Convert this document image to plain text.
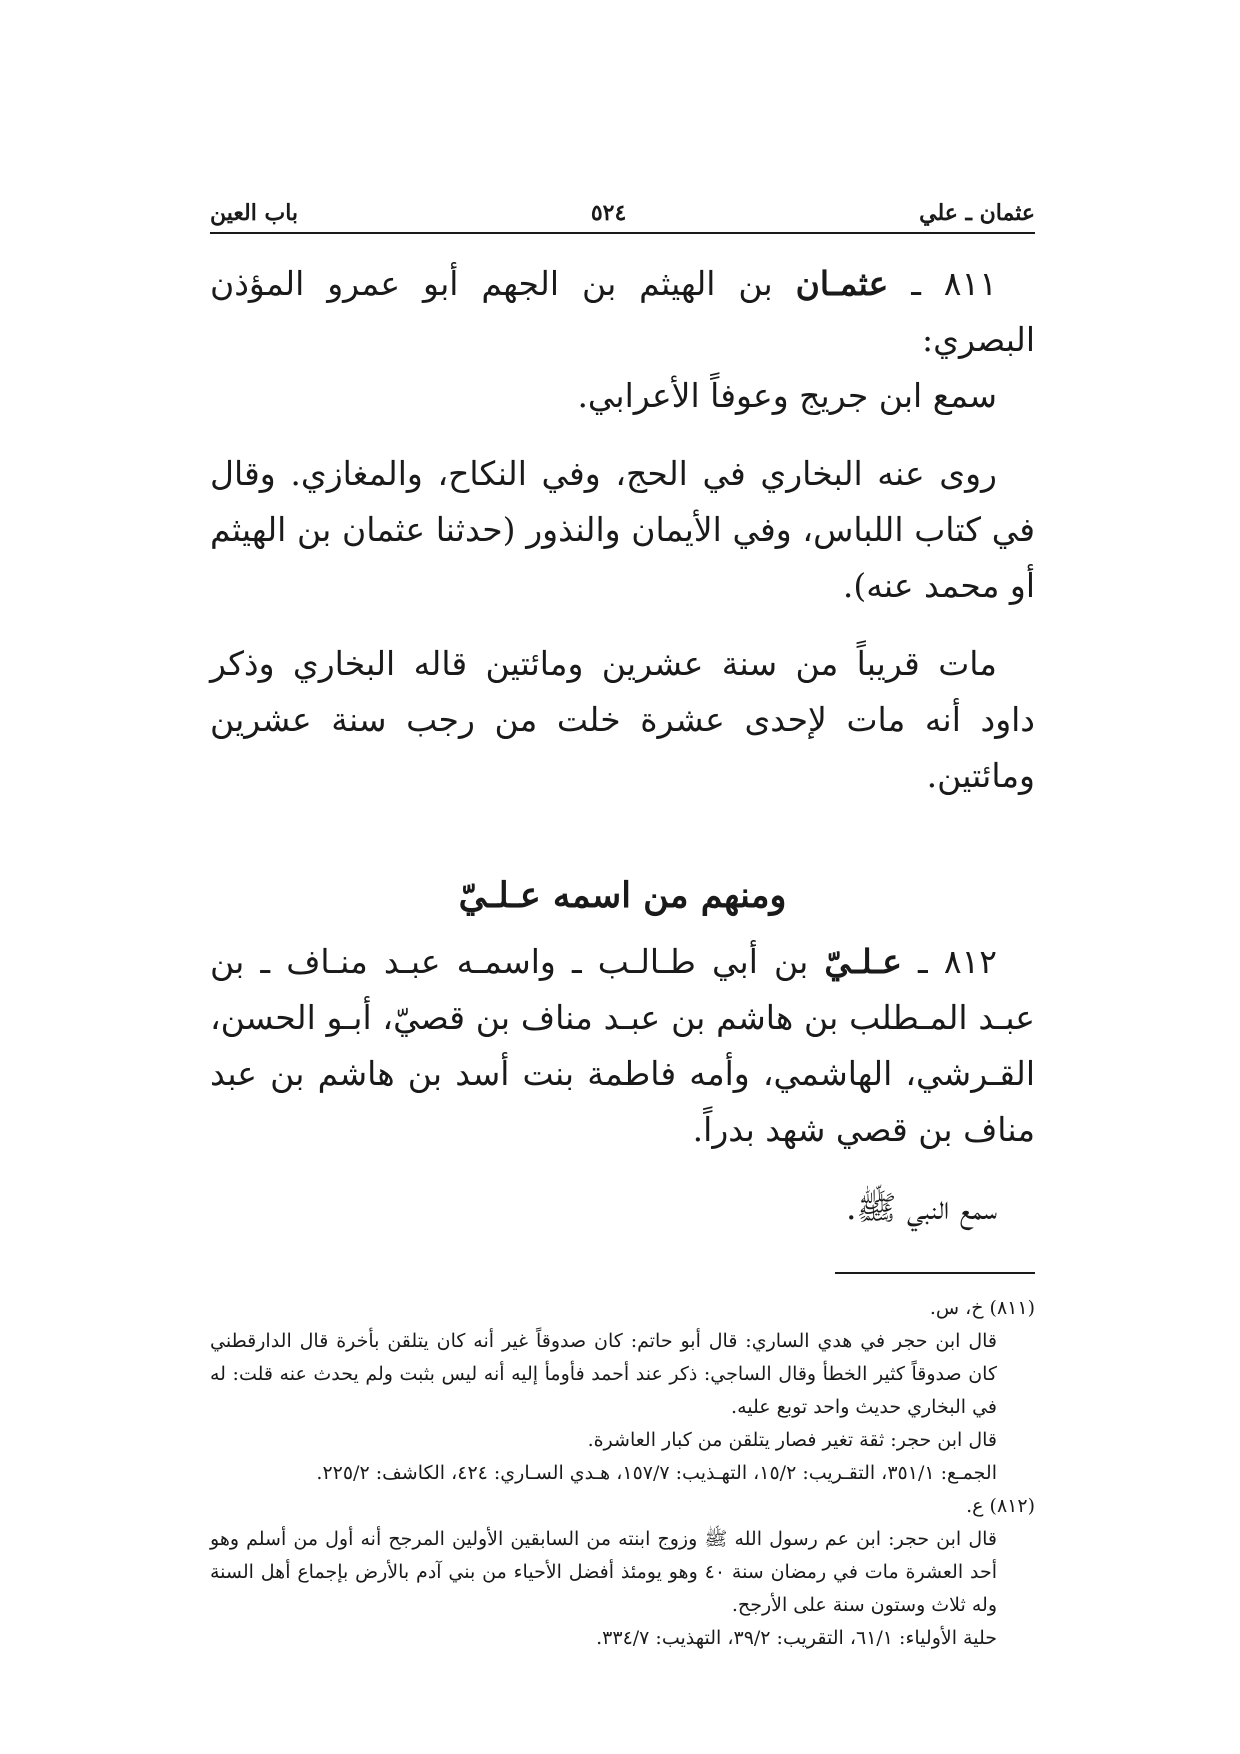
عثمان ـ علي
٥٢٤
باب العين

٨١١ ـ عثمـان بن الهيثم بن الجهم أبو عمرو المؤذن البصري:

سمع ابن جريج وعوفاً الأعرابي.

روى عنه البخاري في الحج، وفي النكاح، والمغازي. وقال في كتاب اللباس، وفي الأيمان والنذور (حدثنا عثمان بن الهيثم أو محمد عنه).

مات قريباً من سنة عشرين ومائتين قاله البخاري وذكر داود أنه مات لإحدى عشرة خلت من رجب سنة عشرين ومائتين.

ومنهم من اسمه عـلـيّ

٨١٢ ـ عـلـيّ بن أبي طـالـب ـ واسمـه عبـد منـاف ـ بن عبـد المـطلب بن هاشم بن عبـد مناف بن قصيّ، أبـو الحسن، القـرشي، الهاشمي، وأمه فاطمة بنت أسد بن هاشم بن عبد مناف بن قصي شهد بدراً.

سمع النبي ﷺ.

(٨١١) خ، س.

قال ابن حجر في هدي الساري: قال أبو حاتم: كان صدوقاً غير أنه كان يتلقن بأخرة قال الدارقطني كان صدوقاً كثير الخطأ وقال الساجي: ذكر عند أحمد فأومأ إليه أنه ليس بثبت ولم يحدث عنه قلت: له في البخاري حديث واحد توبع عليه.

قال ابن حجر: ثقة تغير فصار يتلقن من كبار العاشرة.

الجمـع: ٣٥١/١، التقـريب: ١٥/٢، التهـذيب: ١٥٧/٧، هـدي السـاري: ٤٢٤، الكاشف: ٢٢٥/٢.

(٨١٢) ع.

قال ابن حجر: ابن عم رسول الله ﷺ وزوج ابنته من السابقين الأولين المرجح أنه أول من أسلم وهو أحد العشرة مات في رمضان سنة ٤٠ وهو يومئذ أفضل الأحياء من بني آدم بالأرض بإجماع أهل السنة وله ثلاث وستون سنة على الأرجح.

حلية الأولياء: ٦١/١، التقريب: ٣٩/٢، التهذيب: ٣٣٤/٧.
